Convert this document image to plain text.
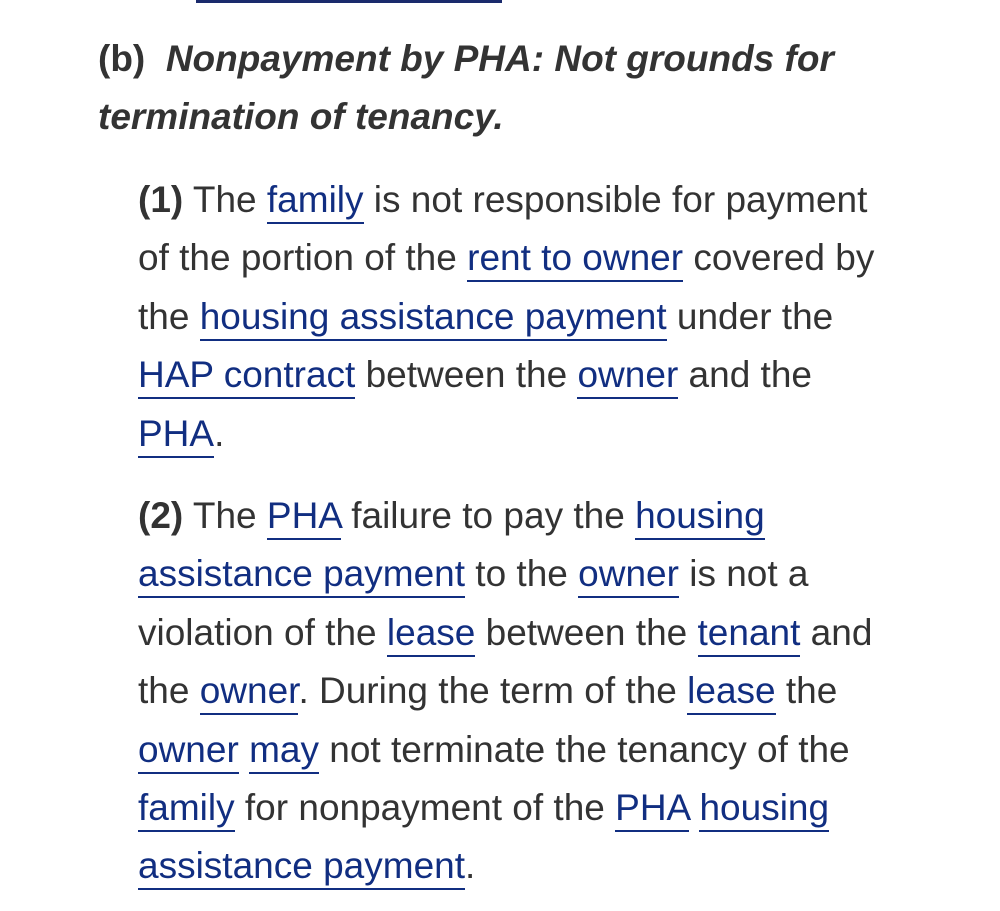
(b) Nonpayment by PHA: Not grounds for termination of tenancy.

(1) The family is not responsible for payment of the portion of the rent to owner covered by the housing assistance payment under the HAP contract between the owner and the PHA.

(2) The PHA failure to pay the housing assistance payment to the owner is not a violation of the lease between the tenant and the owner. During the term of the lease the owner may not terminate the tenancy of the family for nonpayment of the PHA housing assistance payment.
